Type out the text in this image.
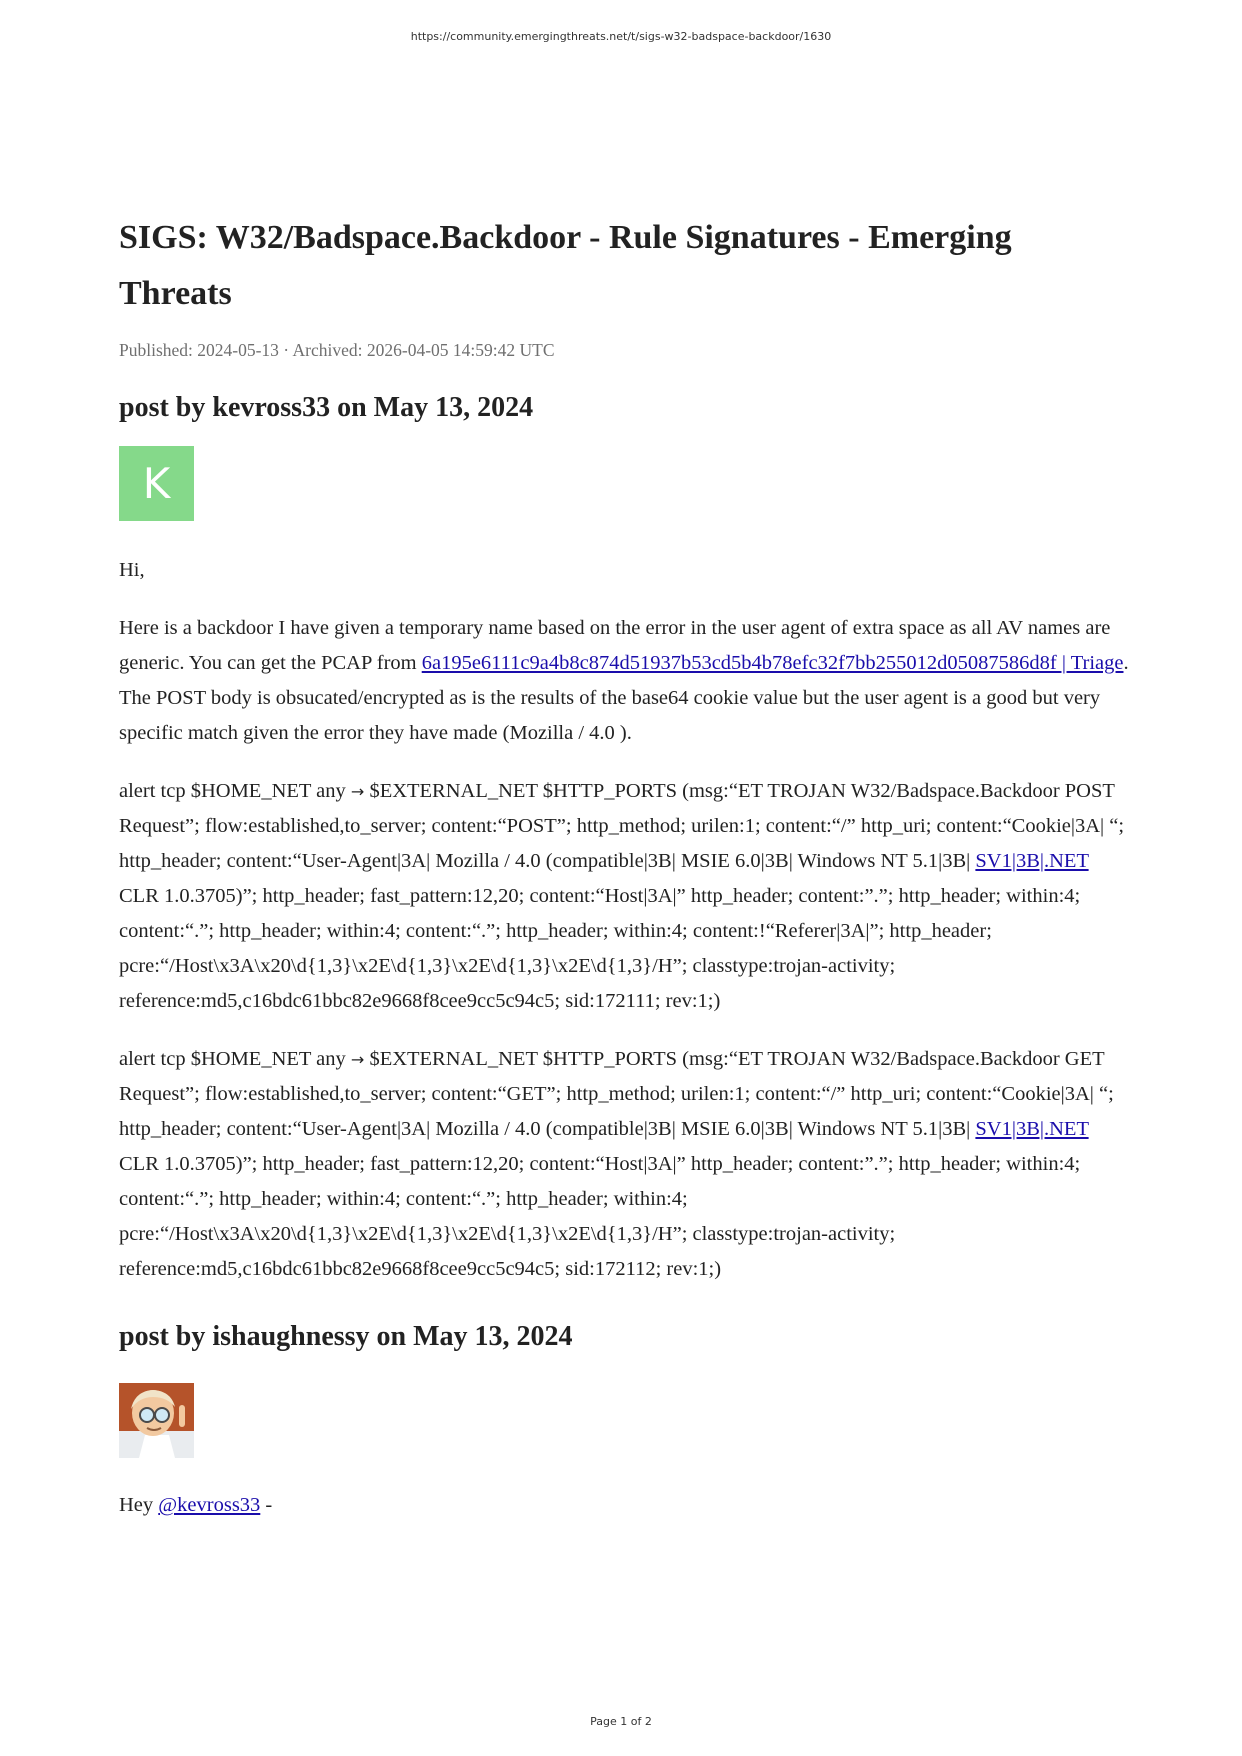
https://community.emergingthreats.net/t/sigs-w32-badspace-backdoor/1630
SIGS: W32/Badspace.Backdoor - Rule Signatures - Emerging Threats
Published: 2024-05-13 · Archived: 2026-04-05 14:59:42 UTC
post by kevross33 on May 13, 2024
K

Hi,

Here is a backdoor I have given a temporary name based on the error in the user agent of extra space as all AV names are generic. You can get the PCAP from 6a195e6111c9a4b8c874d51937b53cd5b4b78efc32f7bb255012d05087586d8f | Triage. The POST body is obsucated/encrypted as is the results of the base64 cookie value but the user agent is a good but very specific match given the error they have made (Mozilla / 4.0 ).

alert tcp $HOME_NET any → $EXTERNAL_NET $HTTP_PORTS (msg:“ET TROJAN W32/Badspace.Backdoor POST Request”; flow:established,to_server; content:“POST”; http_method; urilen:1; content:“/” http_uri; content:“Cookie|3A| “; http_header; content:“User-Agent|3A| Mozilla / 4.0 (compatible|3B| MSIE 6.0|3B| Windows NT 5.1|3B| SV1|3B|.NET CLR 1.0.3705)”; http_header; fast_pattern:12,20; content:“Host|3A|” http_header; content:”.”; http_header; within:4; content:“.”; http_header; within:4; content:“.”; http_header; within:4; content:!“Referer|3A|”; http_header; pcre:“/Host\x3A\x20\d{1,3}\x2E\d{1,3}\x2E\d{1,3}\x2E\d{1,3}/H”; classtype:trojan-activity; reference:md5,c16bdc61bbc82e9668f8cee9cc5c94c5; sid:172111; rev:1;)

alert tcp $HOME_NET any → $EXTERNAL_NET $HTTP_PORTS (msg:“ET TROJAN W32/Badspace.Backdoor GET Request”; flow:established,to_server; content:“GET”; http_method; urilen:1; content:“/” http_uri; content:“Cookie|3A| “; http_header; content:“User-Agent|3A| Mozilla / 4.0 (compatible|3B| MSIE 6.0|3B| Windows NT 5.1|3B| SV1|3B|.NET CLR 1.0.3705)”; http_header; fast_pattern:12,20; content:“Host|3A|” http_header; content:”.”; http_header; within:4; content:“.”; http_header; within:4; content:“.”; http_header; within:4; pcre:“/Host\x3A\x20\d{1,3}\x2E\d{1,3}\x2E\d{1,3}\x2E\d{1,3}/H”; classtype:trojan-activity; reference:md5,c16bdc61bbc82e9668f8cee9cc5c94c5; sid:172112; rev:1;)

post by ishaughnessy on May 13, 2024

Hey @kevross33 -

Page 1 of 2
